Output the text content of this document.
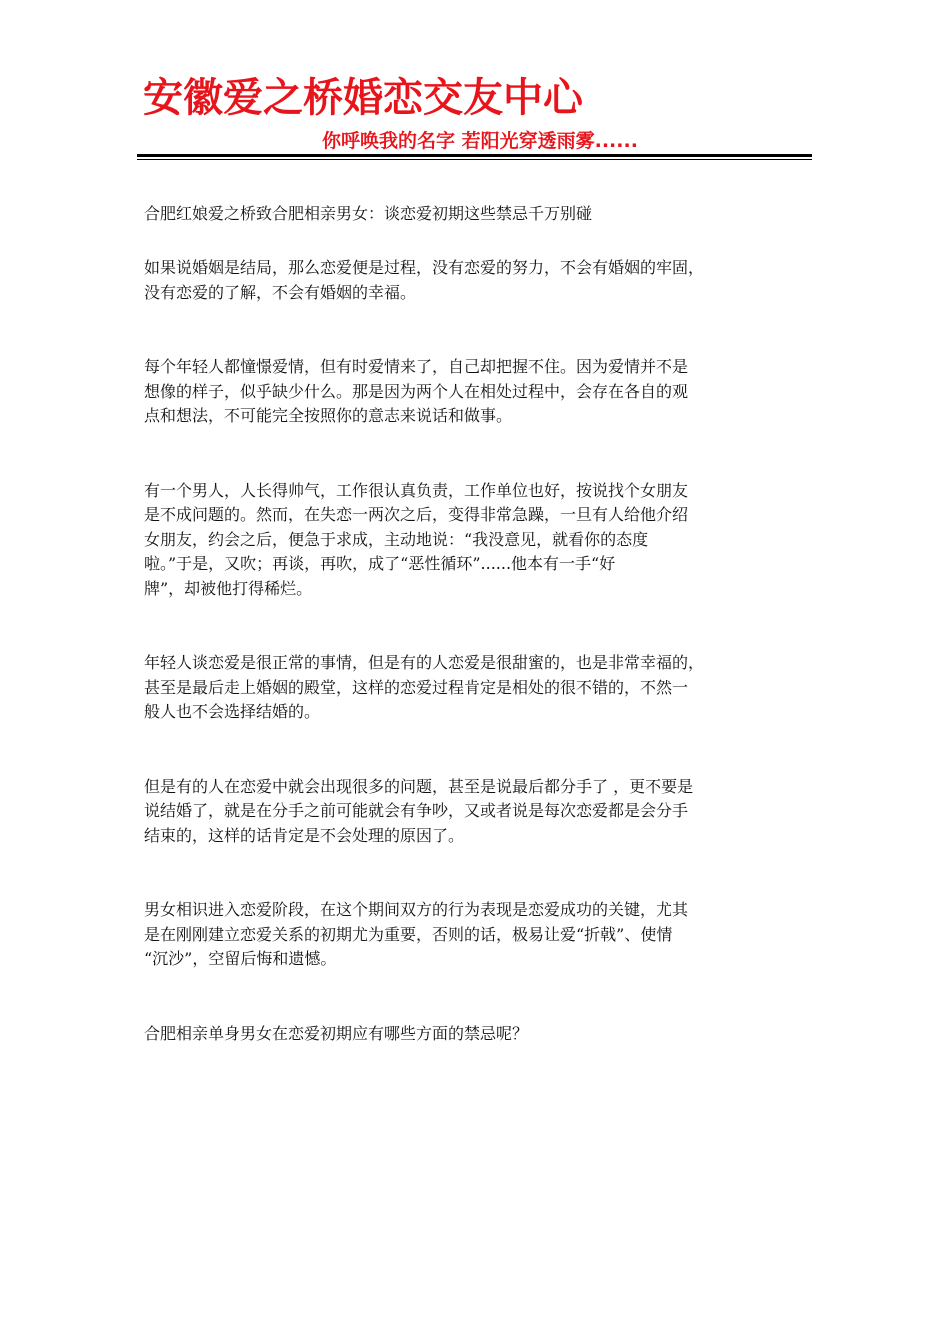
安徽爱之桥婚恋交友中心
你呼唤我的名字 若阳光穿透雨雾......
合肥红娘爱之桥致合肥相亲男女：谈恋爱初期这些禁忌千万别碰

如果说婚姻是结局，那么恋爱便是过程，没有恋爱的努力，不会有婚姻的牢固，
没有恋爱的了解，不会有婚姻的幸福。

每个年轻人都憧憬爱情，但有时爱情来了，自己却把握不住。因为爱情并不是
想像的样子，似乎缺少什么。那是因为两个人在相处过程中，会存在各自的观
点和想法，不可能完全按照你的意志来说话和做事。

有一个男人，人长得帅气，工作很认真负责，工作单位也好，按说找个女朋友
是不成问题的。然而，在失恋一两次之后，变得非常急躁，一旦有人给他介绍
女朋友，约会之后，便急于求成，主动地说：“我没意见，就看你的态度
啦。”于是，又吹；再谈，再吹，成了“恶性循环”......他本有一手“好
牌”，却被他打得稀烂。

年轻人谈恋爱是很正常的事情，但是有的人恋爱是很甜蜜的，也是非常幸福的，
甚至是最后走上婚姻的殿堂，这样的恋爱过程肯定是相处的很不错的，不然一
般人也不会选择结婚的。

但是有的人在恋爱中就会出现很多的问题，甚至是说最后都分手了 ，更不要是
说结婚了，就是在分手之前可能就会有争吵，又或者说是每次恋爱都是会分手
结束的，这样的话肯定是不会处理的原因了。

男女相识进入恋爱阶段，在这个期间双方的行为表现是恋爱成功的关键，尤其
是在刚刚建立恋爱关系的初期尤为重要，否则的话，极易让爱“折戟”、使情
“沉沙”，空留后悔和遗憾。

合肥相亲单身男女在恋爱初期应有哪些方面的禁忌呢？
